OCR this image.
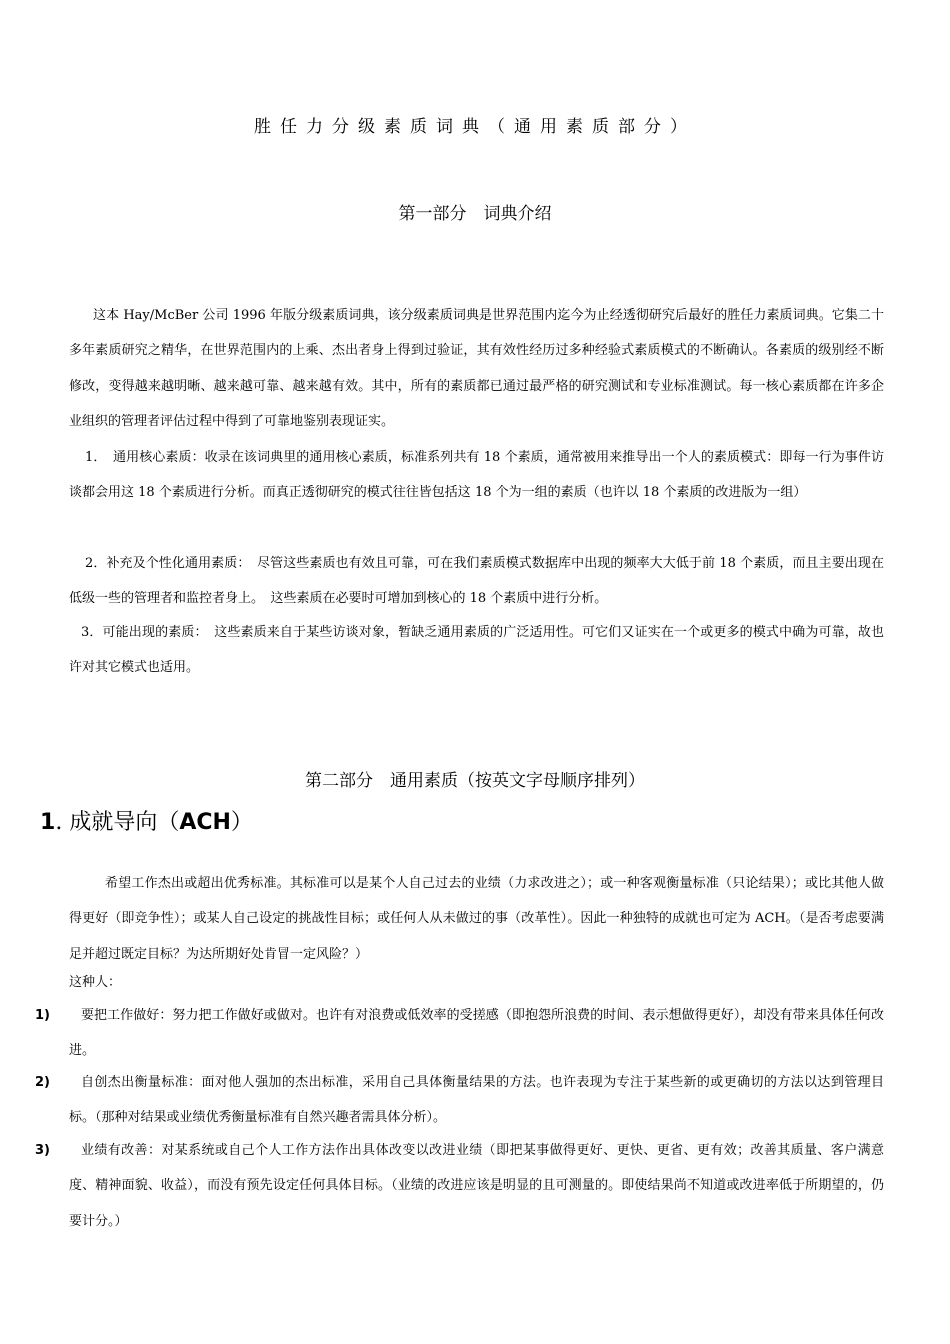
胜任力分级素质词典（通用素质部分）
第一部分　词典介绍
这本 Hay/McBer 公司 1996 年版分级素质词典，该分级素质词典是世界范围内迄今为止经透彻研究后最好的胜任力素质词典。它集二十多年素质研究之精华，在世界范围内的上乘、杰出者身上得到过验证，其有效性经历过多种经验式素质模式的不断确认。各素质的级别经不断修改，变得越来越明晰、越来越可靠、越来越有效。其中，所有的素质都已通过最严格的研究测试和专业标准测试。每一核心素质都在许多企业组织的管理者评估过程中得到了可靠地鉴别表现证实。
1．　通用核心素质：收录在该词典里的通用核心素质，标准系列共有 18 个素质，通常被用来推导出一个人的素质模式：即每一行为事件访谈都会用这 18 个素质进行分析。而真正透彻研究的模式往往皆包括这 18 个为一组的素质（也许以 18 个素质的改进版为一组）
2．补充及个性化通用素质：　尽管这些素质也有效且可靠，可在我们素质模式数据库中出现的频率大大低于前 18 个素质，而且主要出现在低级一些的管理者和监控者身上。　这些素质在必要时可增加到核心的 18 个素质中进行分析。
3．可能出现的素质：　这些素质来自于某些访谈对象，暂缺乏通用素质的广泛适用性。可它们又证实在一个或更多的模式中确为可靠，故也许对其它模式也适用。
第二部分　通用素质（按英文字母顺序排列）
1. 成就导向（ACH）
希望工作杰出或超出优秀标准。其标准可以是某个人自己过去的业绩（力求改进之）；或一种客观衡量标准（只论结果）；或比其他人做得更好（即竞争性）；或某人自己设定的挑战性目标；或任何人从未做过的事（改革性）。因此一种独特的成就也可定为 ACH。（是否考虑要满足并超过既定目标？为达所期好处肯冒一定风险？）
这种人：
1)	要把工作做好：努力把工作做好或做对。也许有对浪费或低效率的受搓感（即抱怨所浪费的时间、表示想做得更好），却没有带来具体任何改进。
2)	自创杰出衡量标准：面对他人强加的杰出标准，采用自己具体衡量结果的方法。也许表现为专注于某些新的或更确切的方法以达到管理目标。（那种对结果或业绩优秀衡量标准有自然兴趣者需具体分析）。
3)	业绩有改善：对某系统或自己个人工作方法作出具体改变以改进业绩（即把某事做得更好、更快、更省、更有效；改善其质量、客户满意度、精神面貌、收益），而没有预先设定任何具体目标。（业绩的改进应该是明显的且可测量的。即使结果尚不知道或改进率低于所期望的，仍要计分。）
